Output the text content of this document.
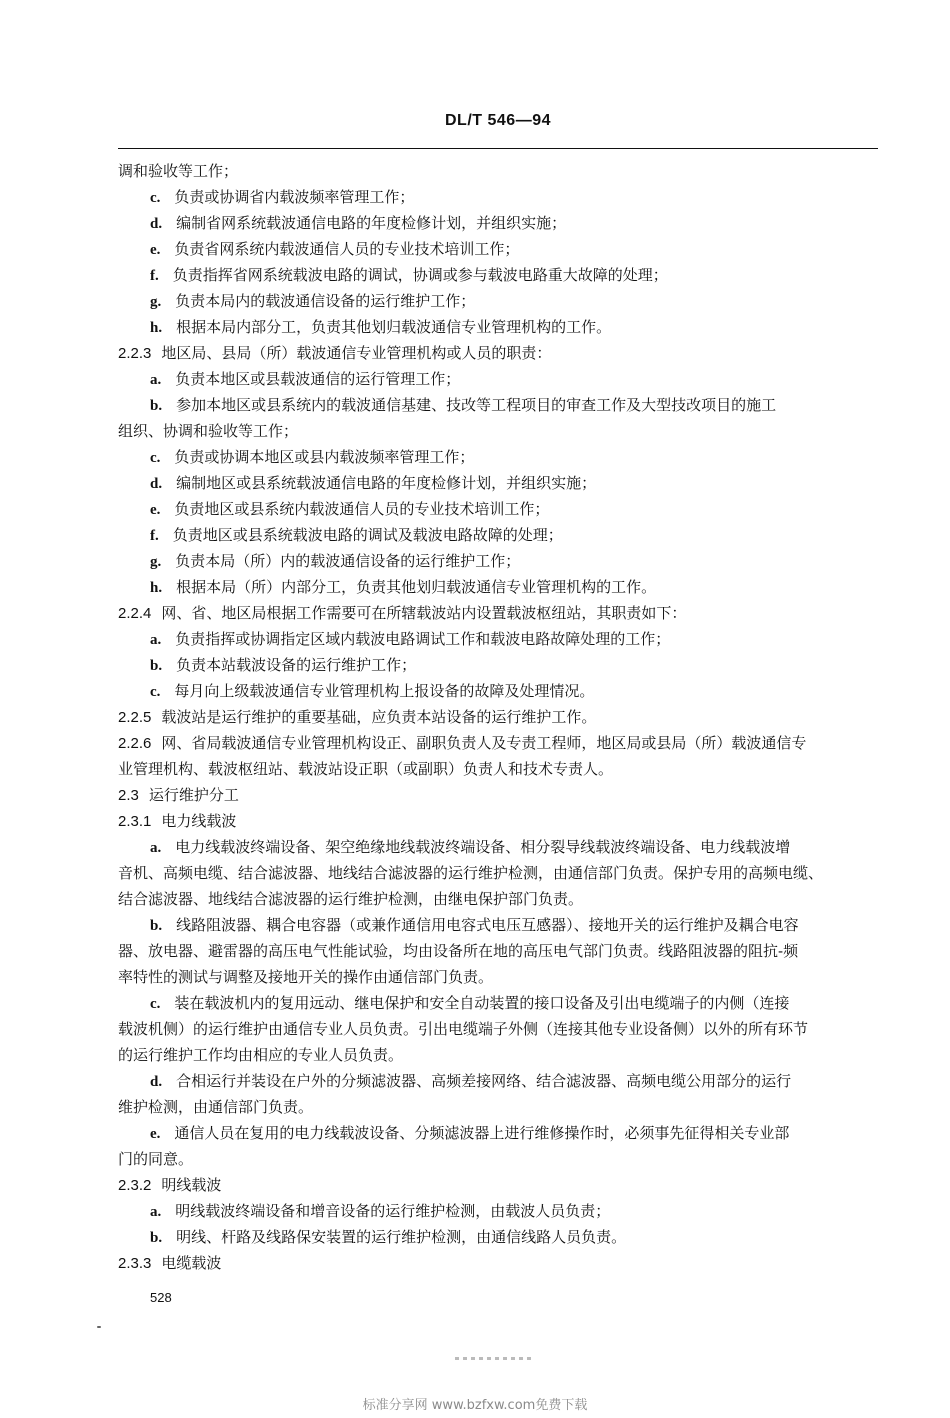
DL/T 546—94
调和验收等工作；
c. 负责或协调省内载波频率管理工作；
d. 编制省网系统载波通信电路的年度检修计划，并组织实施；
e. 负责省网系统内载波通信人员的专业技术培训工作；
f. 负责指挥省网系统载波电路的调试，协调或参与载波电路重大故障的处理；
g. 负责本局内的载波通信设备的运行维护工作；
h. 根据本局内部分工，负责其他划归载波通信专业管理机构的工作。
2.2.3 地区局、县局（所）载波通信专业管理机构或人员的职责：
a. 负责本地区或县载波通信的运行管理工作；
b. 参加本地区或县系统内的载波通信基建、技改等工程项目的审查工作及大型技改项目的施工
组织、协调和验收等工作；
c. 负责或协调本地区或县内载波频率管理工作；
d. 编制地区或县系统载波通信电路的年度检修计划，并组织实施；
e. 负责地区或县系统内载波通信人员的专业技术培训工作；
f. 负责地区或县系统载波电路的调试及载波电路故障的处理；
g. 负责本局（所）内的载波通信设备的运行维护工作；
h. 根据本局（所）内部分工，负责其他划归载波通信专业管理机构的工作。
2.2.4 网、省、地区局根据工作需要可在所辖载波站内设置载波枢纽站，其职责如下：
a. 负责指挥或协调指定区域内载波电路调试工作和载波电路故障处理的工作；
b. 负责本站载波设备的运行维护工作；
c. 每月向上级载波通信专业管理机构上报设备的故障及处理情况。
2.2.5 载波站是运行维护的重要基础，应负责本站设备的运行维护工作。
2.2.6 网、省局载波通信专业管理机构设正、副职负责人及专责工程师，地区局或县局（所）载波通信专
业管理机构、载波枢纽站、载波站设正职（或副职）负责人和技术专责人。
2.3 运行维护分工
2.3.1 电力线载波
a. 电力线载波终端设备、架空绝缘地线载波终端设备、相分裂导线载波终端设备、电力线载波增
音机、高频电缆、结合滤波器、地线结合滤波器的运行维护检测，由通信部门负责。保护专用的高频电缆、
结合滤波器、地线结合滤波器的运行维护检测，由继电保护部门负责。
b. 线路阻波器、耦合电容器（或兼作通信用电容式电压互感器）、接地开关的运行维护及耦合电容
器、放电器、避雷器的高压电气性能试验，均由设备所在地的高压电气部门负责。线路阻波器的阻抗-频
率特性的测试与调整及接地开关的操作由通信部门负责。
c. 装在载波机内的复用远动、继电保护和安全自动装置的接口设备及引出电缆端子的内侧（连接
载波机侧）的运行维护由通信专业人员负责。引出电缆端子外侧（连接其他专业设备侧）以外的所有环节
的运行维护工作均由相应的专业人员负责。
d. 合相运行并装设在户外的分频滤波器、高频差接网络、结合滤波器、高频电缆公用部分的运行
维护检测，由通信部门负责。
e. 通信人员在复用的电力线载波设备、分频滤波器上进行维修操作时，必须事先征得相关专业部
门的同意。
2.3.2 明线载波
a. 明线载波终端设备和增音设备的运行维护检测，由载波人员负责；
b. 明线、杆路及线路保安装置的运行维护检测，由通信线路人员负责。
2.3.3 电缆载波
528
标准分享网 www.bzfxw.com免费下载
